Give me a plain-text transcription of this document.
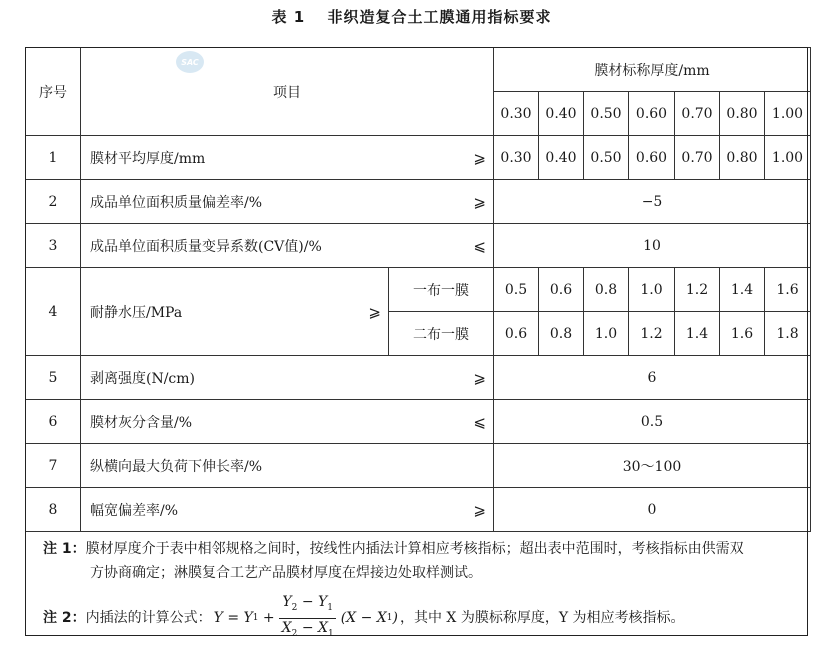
表 1 非织造复合土工膜通用指标要求
序号	SAC
项目		膜材标称厚度/mm						
			0.30	0.40	0.50	0.60	0.70	0.80	1.00
1	膜材平均厚度/mm ⩾		0.30	0.40	0.50	0.60	0.70	0.80	1.00
2	成品单位面积质量偏差率/% ⩾		−5						
3	成品单位面积质量变异系数(CV值)/% ⩽		10						
4	耐静水压/MPa ⩾	一布一膜	0.5	0.6	0.8	1.0	1.2	1.4	1.6
		二布一膜	0.6	0.8	1.0	1.2	1.4	1.6	1.8
5	剥离强度(N/cm) ⩾		6						
6	膜材灰分含量/% ⩽		0.5						
7	纵横向最大负荷下伸长率/%		30～100						
8	幅宽偏差率/% ⩾		0						
注 1：膜材厚度介于表中相邻规格之间时，按线性内插法计算相应考核指标；超出表中范围时，考核指标由供需双
方协商确定；淋膜复合工艺产品膜材厚度在焊接边处取样测试。
注 2： 内插法的计算公式： Y = Y $1 + \frac{Y_2 - Y_1}{X_2 - X_1} (X - X$ 1 ) ，其中 X 为膜标称厚度，Y 为相应考核指标。
